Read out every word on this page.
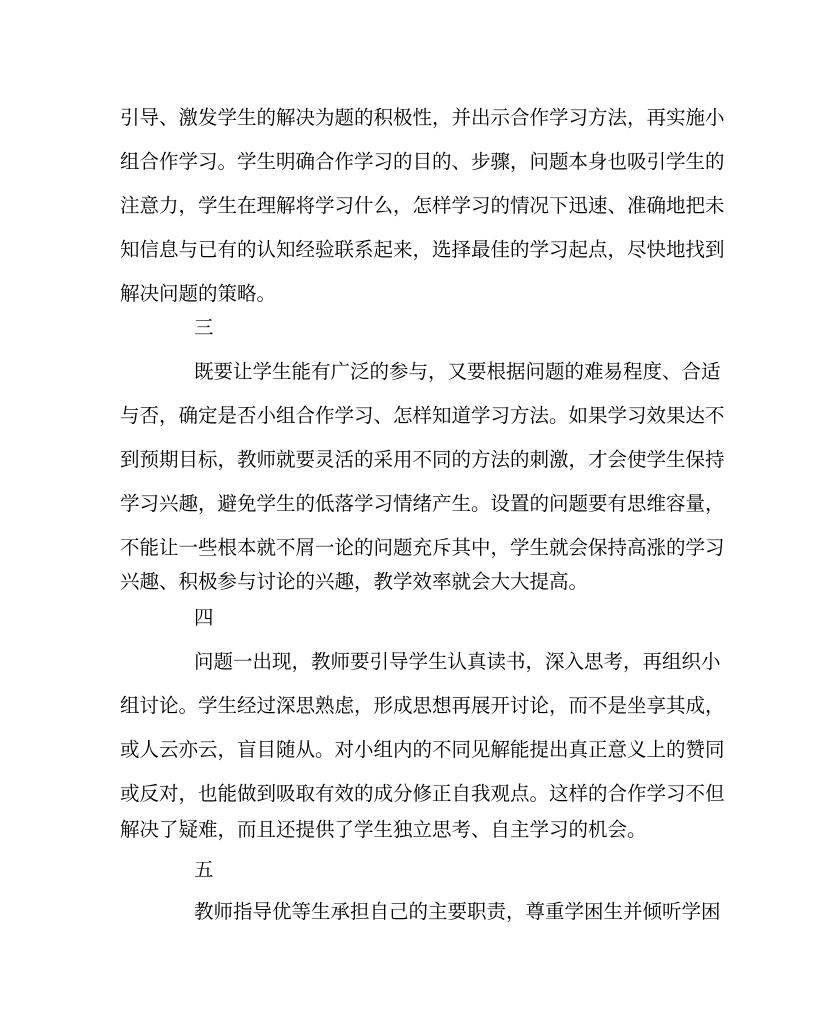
引导、激发学生的解决为题的积极性，并出示合作学习方法，再实施小
组合作学习。学生明确合作学习的目的、步骤，问题本身也吸引学生的
注意力，学生在理解将学习什么，怎样学习的情况下迅速、准确地把未
知信息与已有的认知经验联系起来，选择最佳的学习起点，尽快地找到
解决问题的策略。
三
既要让学生能有广泛的参与，又要根据问题的难易程度、合适
与否，确定是否小组合作学习、怎样知道学习方法。如果学习效果达不
到预期目标，教师就要灵活的采用不同的方法的刺激，才会使学生保持
学习兴趣，避免学生的低落学习情绪产生。设置的问题要有思维容量，
不能让一些根本就不屑一论的问题充斥其中，学生就会保持高涨的学习
兴趣、积极参与讨论的兴趣，教学效率就会大大提高。
四
问题一出现，教师要引导学生认真读书，深入思考，再组织小
组讨论。学生经过深思熟虑，形成思想再展开讨论，而不是坐享其成，
或人云亦云，盲目随从。对小组内的不同见解能提出真正意义上的赞同
或反对，也能做到吸取有效的成分修正自我观点。这样的合作学习不但
解决了疑难，而且还提供了学生独立思考、自主学习的机会。
五
教师指导优等生承担自己的主要职责，尊重学困生并倾听学困
